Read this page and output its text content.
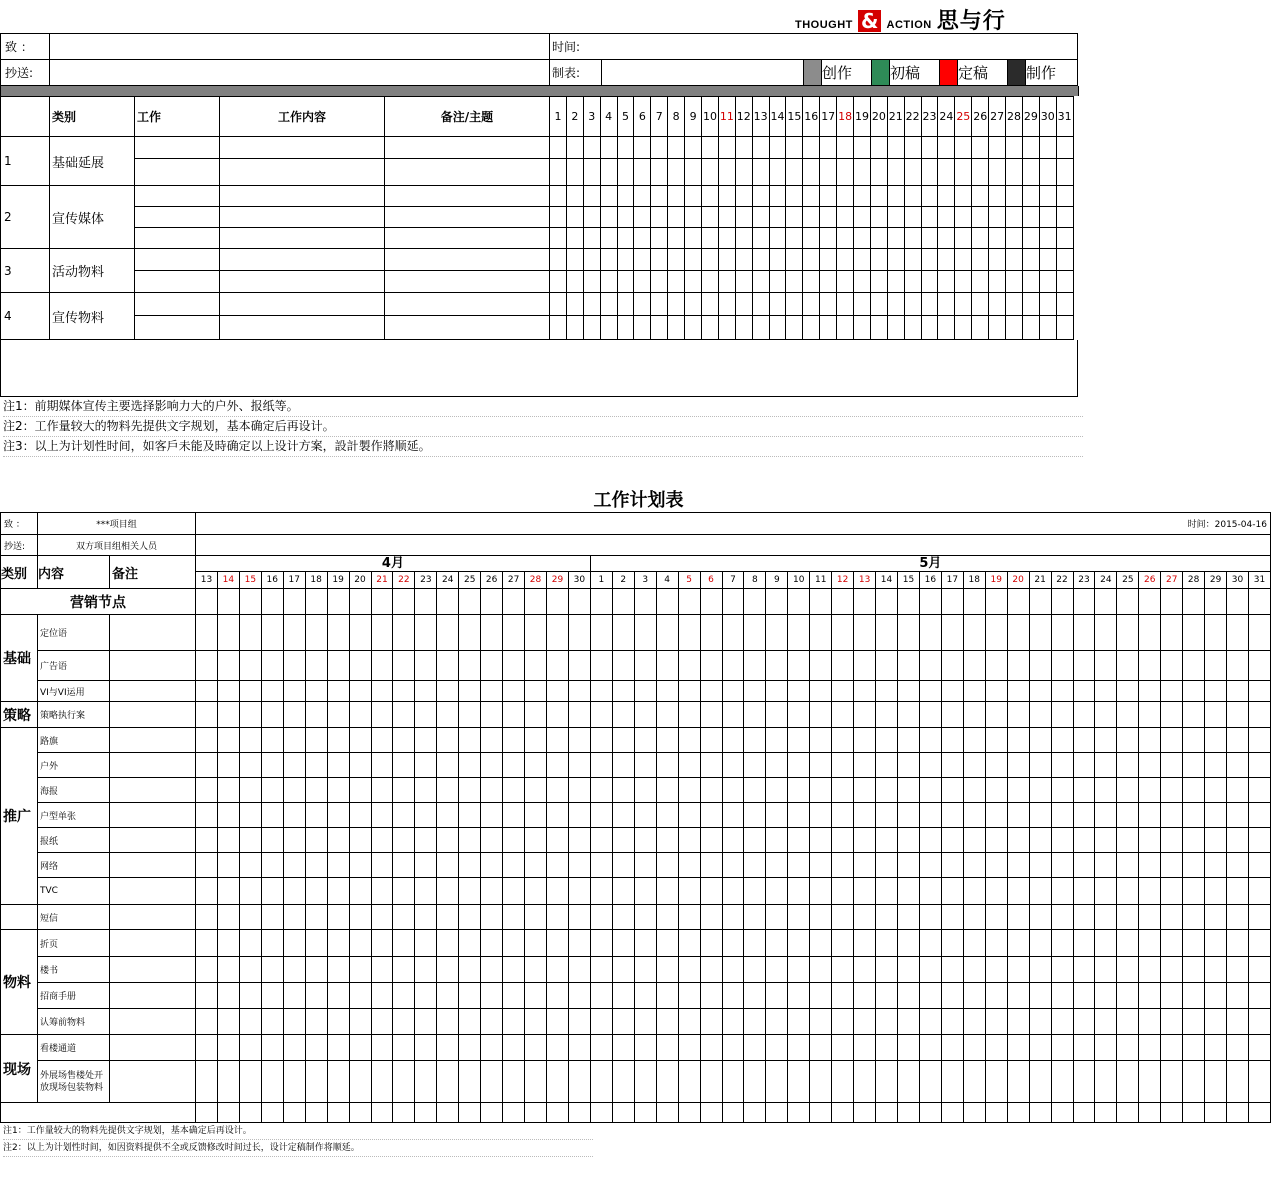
THOUGHT & ACTION 思与行
致 ：		时间:									
抄送:		制表:			创作		初稿		定稿		制作
	类别	工作	工作内容	备注/主题	1	2	3	4	5	6	7	8	9	10	11	12	13	14	15	16	17	18	19	20	21	22	23	24	25	26	27	28	29	30	31
1	基础延展																																		

2	宣传媒体																																		

3	活动物料																																		

4	宣传物料																																		

注1：前期媒体宣传主要选择影响力大的户外、报纸等。
注2：工作量较大的物料先提供文字规划，基本确定后再设计。
注3：以上为计划性时间，如客戶未能及時确定以上设计方案，設計製作將顺延。
工作计划表
致 ：	***项目组		时间：2015-04-16																																																
抄送:	双方项目组相关人员																																																		
类别	内容	备注	4月																		5月																														
			13	14	15	16	17	18	19	20	21	22	23	24	25	26	27	28	29	30	1	2	3	4	5	6	7	8	9	10	11	12	13	14	15	16	17	18	19	20	21	22	23	24	25	26	27	28	29	30	31
营销节点																																																			
基础	定位语																																																		
	广告语																																																		
	VI与VI运用																																																		
策略	策略执行案																																																		
推广	路旗																																																		
	户外																																																		
	海报																																																		
	户型单张																																																		
	报纸																																																		
	网络																																																		
	TVC																																																		
	短信																																																		
物料	折页																																																		
	楼书																																																		
	招商手册																																																		
	认筹前物料																																																		
现场	看楼通道																																																		
	外展场售楼处开放现场包装物料																																																		

注1：工作量较大的物料先提供文字规划，基本确定后再设计。
注2：以上为计划性时间，如因资料提供不全或反馈修改时间过长，设计定稿制作将顺延。
